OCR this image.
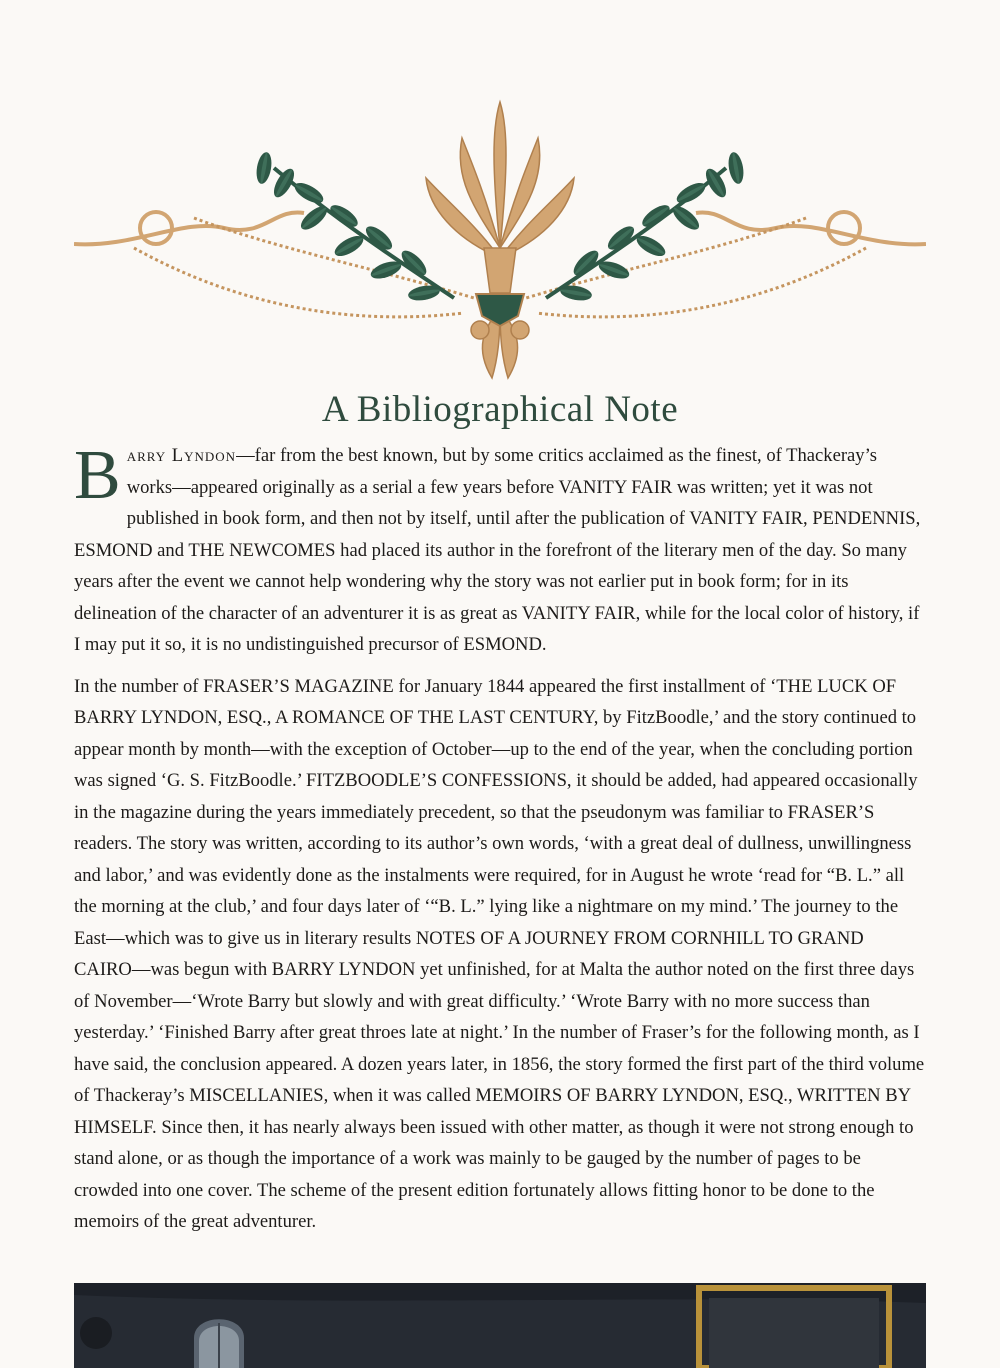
A Bibliographical Note

Barry Lyndon—far from the best known, but by some critics acclaimed as the finest, of Thackeray’s works—appeared originally as a serial a few years before VANITY FAIR was written; yet it was not published in book form, and then not by itself, until after the publication of VANITY FAIR, PENDENNIS, ESMOND and THE NEWCOMES had placed its author in the forefront of the literary men of the day. So many years after the event we cannot help wondering why the story was not earlier put in book form; for in its delineation of the character of an adventurer it is as great as VANITY FAIR, while for the local color of history, if I may put it so, it is no undistinguished precursor of ESMOND.

In the number of FRASER’S MAGAZINE for January 1844 appeared the first installment of ‘THE LUCK OF BARRY LYNDON, ESQ., A ROMANCE OF THE LAST CENTURY, by FitzBoodle,’ and the story continued to appear month by month—with the exception of October—up to the end of the year, when the concluding portion was signed ‘G. S. FitzBoodle.’ FITZBOODLE’S CONFESSIONS, it should be added, had appeared occasionally in the magazine during the years immediately precedent, so that the pseudonym was familiar to FRASER’S readers. The story was written, according to its author’s own words, ‘with a great deal of dullness, unwillingness and labor,’ and was evidently done as the instalments were required, for in August he wrote ‘read for “B. L.” all the morning at the club,’ and four days later of ‘“B. L.” lying like a nightmare on my mind.’ The journey to the East—which was to give us in literary results NOTES OF A JOURNEY FROM CORNHILL TO GRAND CAIRO—was begun with BARRY LYNDON yet unfinished, for at Malta the author noted on the first three days of November—‘Wrote Barry but slowly and with great difficulty.’ ‘Wrote Barry with no more success than yesterday.’ ‘Finished Barry after great throes late at night.’ In the number of Fraser’s for the following month, as I have said, the conclusion appeared. A dozen years later, in 1856, the story formed the first part of the third volume of Thackeray’s MISCELLANIES, when it was called MEMOIRS OF BARRY LYNDON, ESQ., WRITTEN BY HIMSELF. Since then, it has nearly always been issued with other matter, as though it were not strong enough to stand alone, or as though the importance of a work was mainly to be gauged by the number of pages to be crowded into one cover. The scheme of the present edition fortunately allows fitting honor to be done to the memoirs of the great adventurer.
